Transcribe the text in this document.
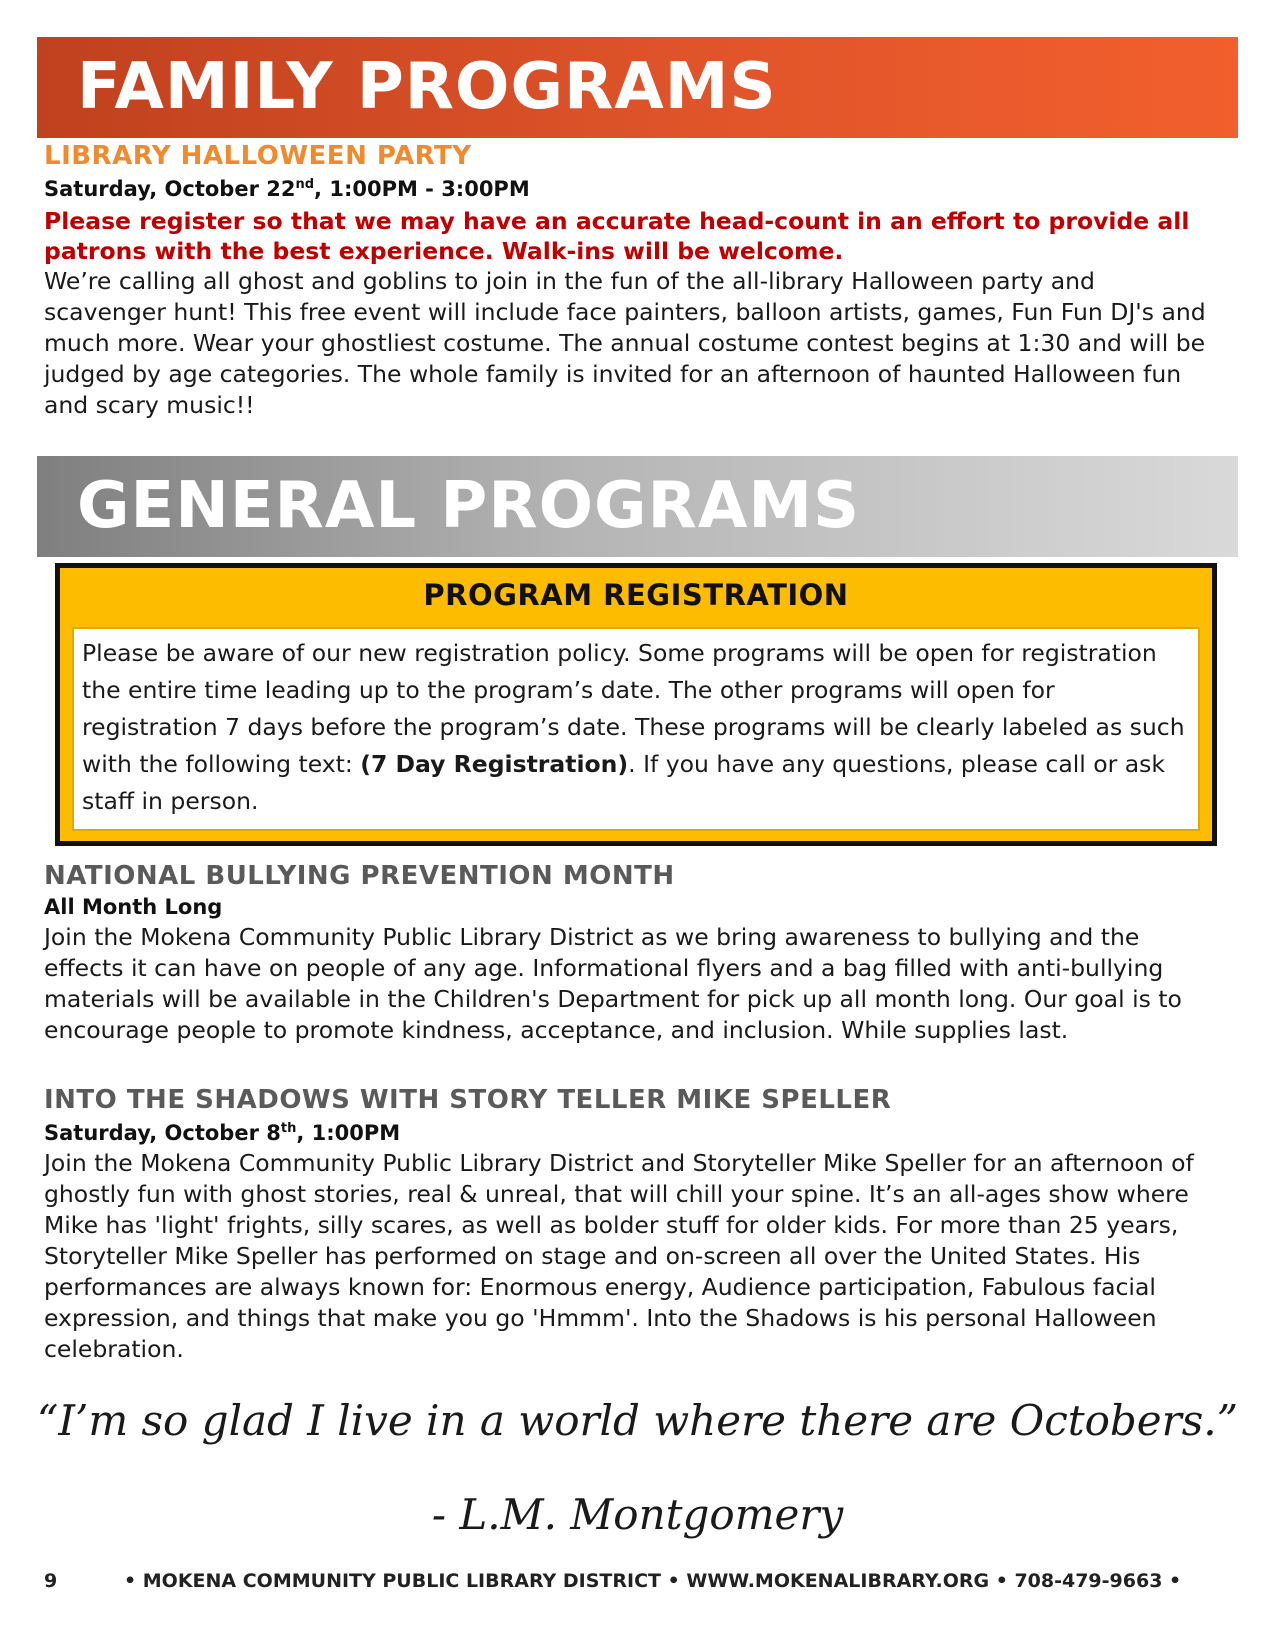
FAMILY PROGRAMS
LIBRARY HALLOWEEN PARTY
Saturday, October 22nd, 1:00PM - 3:00PM

Please register so that we may have an accurate head-count in an effort to provide all patrons with the best experience. Walk-ins will be welcome.

We’re calling all ghost and goblins to join in the fun of the all-library Halloween party and scavenger hunt! This free event will include face painters, balloon artists, games, Fun Fun DJ's and much more. Wear your ghostliest costume. The annual costume contest begins at 1:30 and will be judged by age categories. The whole family is invited for an afternoon of haunted Halloween fun and scary music!!

GENERAL PROGRAMS
PROGRAM REGISTRATION

Please be aware of our new registration policy. Some programs will be open for registration the entire time leading up to the program’s date. The other programs will open for registration 7 days before the program’s date. These programs will be clearly labeled as such with the following text: (7 Day Registration). If you have any questions, please call or ask staff in person.

NATIONAL BULLYING PREVENTION MONTH
All Month Long

Join the Mokena Community Public Library District as we bring awareness to bullying and the effects it can have on people of any age. Informational flyers and a bag filled with anti-bullying materials will be available in the Children's Department for pick up all month long. Our goal is to encourage people to promote kindness, acceptance, and inclusion. While supplies last.

INTO THE SHADOWS WITH STORY TELLER MIKE SPELLER
Saturday, October 8th, 1:00PM

Join the Mokena Community Public Library District and Storyteller Mike Speller for an afternoon of ghostly fun with ghost stories, real & unreal, that will chill your spine. It’s an all-ages show where Mike has 'light' frights, silly scares, as well as bolder stuff for older kids. For more than 25 years, Storyteller Mike Speller has performed on stage and on-screen all over the United States. His performances are always known for: Enormous energy, Audience participation, Fabulous facial expression, and things that make you go 'Hmmm'. Into the Shadows is his personal Halloween celebration.

“I’m so glad I live in a world where there are Octobers.”
- L.M. Montgomery
9	• MOKENA COMMUNITY PUBLIC LIBRARY DISTRICT • WWW.MOKENALIBRARY.ORG • 708-479-9663 •
